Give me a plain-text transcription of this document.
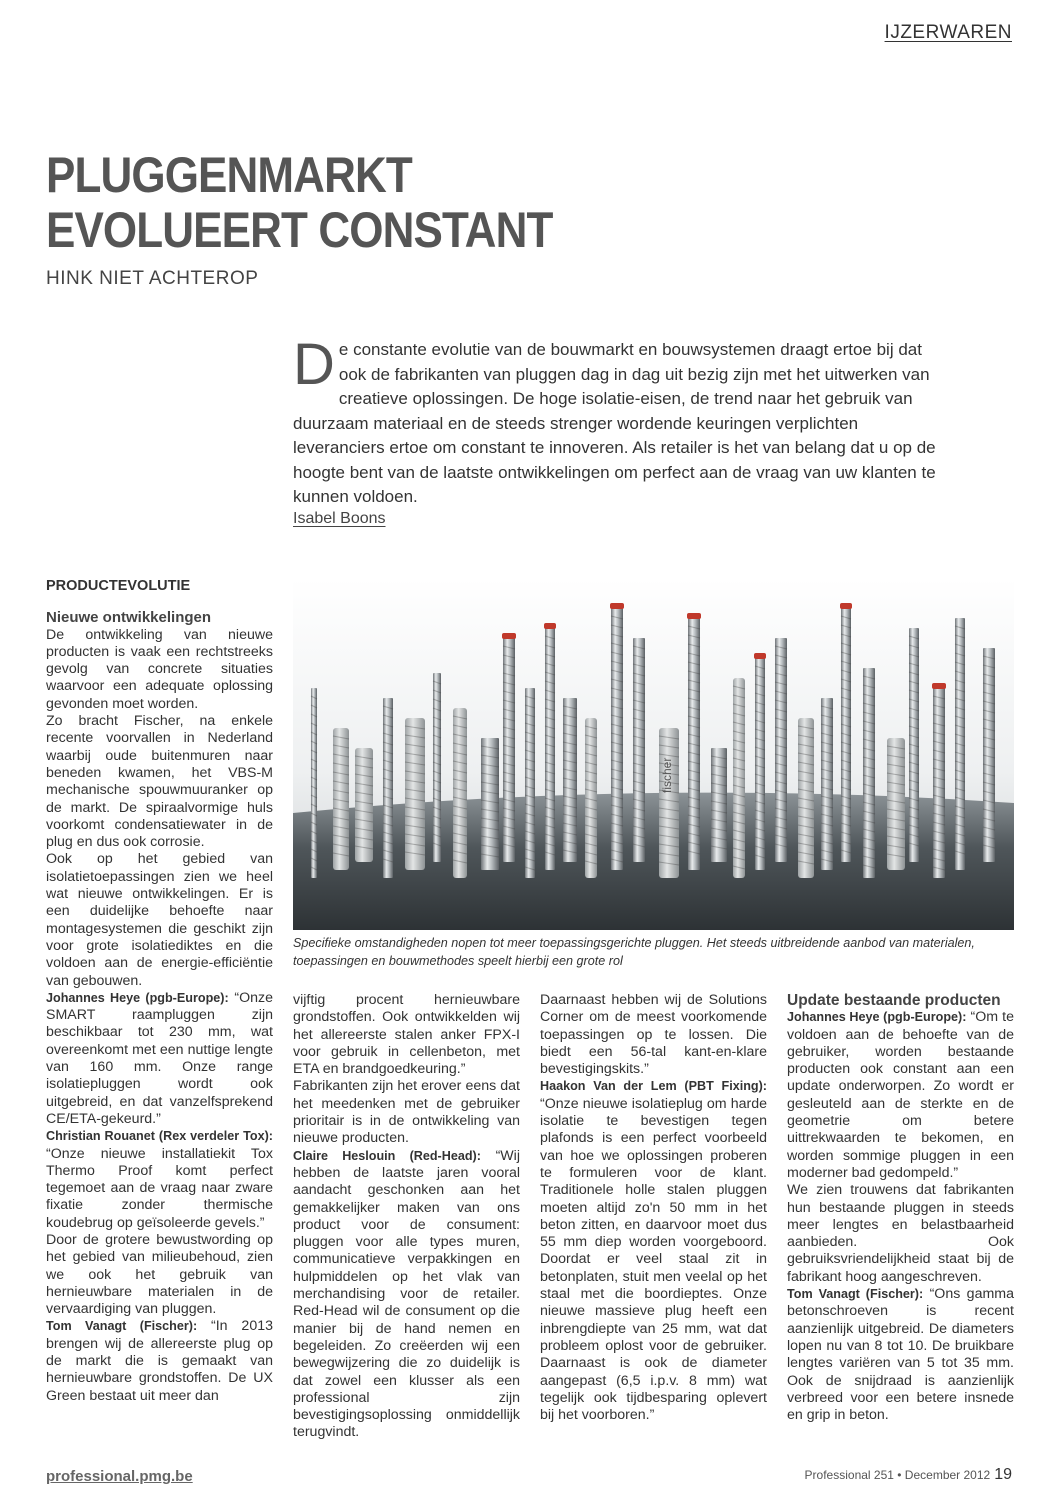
IJZERWAREN
PLUGGENMARKT
EVOLUEERT CONSTANT
HINK NIET ACHTEROP
De constante evolutie van de bouwmarkt en bouwsystemen draagt ertoe bij dat ook de fabrikanten van pluggen dag in dag uit bezig zijn met het uitwerken van creatieve oplossingen. De hoge isolatie-eisen, de trend naar het gebruik van duurzaam materiaal en de steeds strenger wordende keuringen verplichten leveranciers ertoe om constant te innoveren. Als retailer is het van belang dat u op de hoogte bent van de laatste ontwikkelingen om perfect aan de vraag van uw klanten te kunnen voldoen.
Isabel Boons

PRODUCTEVOLUTIE

Nieuwe ontwikkelingen

De ontwikkeling van nieuwe producten is vaak een rechtstreeks gevolg van concrete situaties waarvoor een adequate oplossing gevonden moet worden.

Zo bracht Fischer, na enkele recente voorvallen in Nederland waarbij oude buitenmuren naar beneden kwamen, het VBS-M mechanische spouwmuuranker op de markt. De spiraalvormige huls voorkomt condensatiewater in de plug en dus ook corrosie.

Ook op het gebied van isolatietoepassingen zien we heel wat nieuwe ontwikkelingen. Er is een duidelijke behoefte naar montagesystemen die geschikt zijn voor grote isolatiediktes en die voldoen aan de energie-efficiëntie van gebouwen.

Johannes Heye (pgb-Europe): “Onze SMART raampluggen zijn beschikbaar tot 230 mm, wat overeenkomt met een nuttige lengte van 160 mm. Onze range isolatiepluggen wordt ook uitgebreid, en dat vanzelfsprekend CE/ETA-gekeurd.”

Christian Rouanet (Rex verdeler Tox): “Onze nieuwe installatiekit Tox Thermo Proof komt perfect tegemoet aan de vraag naar zware fixatie zonder thermische koudebrug op geïsoleerde gevels.”

Door de grotere bewustwording op het gebied van milieubehoud, zien we ook het gebruik van hernieuwbare materialen in de vervaardiging van pluggen.

Tom Vanagt (Fischer): “In 2013 brengen wij de allereerste plug op de markt die is gemaakt van hernieuwbare grondstoffen. De UX Green bestaat uit meer dan

fischer
Specifieke omstandigheden nopen tot meer toepassingsgerichte pluggen. Het steeds uitbreidende aanbod van materialen, toepassingen en bouwmethodes speelt hierbij een grote rol

vijftig procent hernieuwbare grondstoffen. Ook ontwikkelden wij het allereerste stalen anker FPX-I voor gebruik in cellenbeton, met ETA en brandgoedkeuring.”

Fabrikanten zijn het erover eens dat het meedenken met de gebruiker prioritair is in de ontwikkeling van nieuwe producten.

Claire Heslouin (Red-Head): “Wij hebben de laatste jaren vooral aandacht geschonken aan het gemakkelijker maken van ons product voor de consument: pluggen voor alle types muren, communicatieve verpakkingen en hulpmiddelen op het vlak van merchandising voor de retailer. Red-Head wil de consument op die manier bij de hand nemen en begeleiden. Zo creëerden wij een bewegwijzering die zo duidelijk is dat zowel een klusser als een professional zijn bevestigingsoplossing onmiddellijk terugvindt.

Daarnaast hebben wij de Solutions Corner om de meest voorkomende toepassingen op te lossen. Die biedt een 56-tal kant-en-klare bevestigingskits.”

Haakon Van der Lem (PBT Fixing): “Onze nieuwe isolatieplug om harde isolatie te bevestigen tegen plafonds is een perfect voorbeeld van hoe we oplossingen proberen te formuleren voor de klant. Traditionele holle stalen pluggen moeten altijd zo'n 50 mm in het beton zitten, en daarvoor moet dus 55 mm diep worden voorgeboord. Doordat er veel staal zit in betonplaten, stuit men veelal op het staal met die boordieptes. Onze nieuwe massieve plug heeft een inbrengdiepte van 25 mm, wat dat probleem oplost voor de gebruiker. Daarnaast is ook de diameter aangepast (6,5 i.p.v. 8 mm) wat tegelijk ook tijdbesparing oplevert bij het voorboren.”

Update bestaande producten

Johannes Heye (pgb-Europe): “Om te voldoen aan de behoefte van de gebruiker, worden bestaande producten ook constant aan een update onderworpen. Zo wordt er gesleuteld aan de sterkte en de geometrie om betere uittrekwaarden te bekomen, en worden sommige pluggen in een moderner bad gedompeld.”

We zien trouwens dat fabrikanten hun bestaande pluggen in steeds meer lengtes en belastbaarheid aanbieden. Ook gebruiksvriendelijkheid staat bij de fabrikant hoog aangeschreven.

Tom Vanagt (Fischer): “Ons gamma betonschroeven is recent aanzienlijk uitgebreid. De diameters lopen nu van 8 tot 10. De bruikbare lengtes variëren van 5 tot 35 mm. Ook de snijdraad is aanzienlijk verbreed voor een betere insnede en grip in beton.

professional.pmg.be	Professional 251 • December 2012 19
